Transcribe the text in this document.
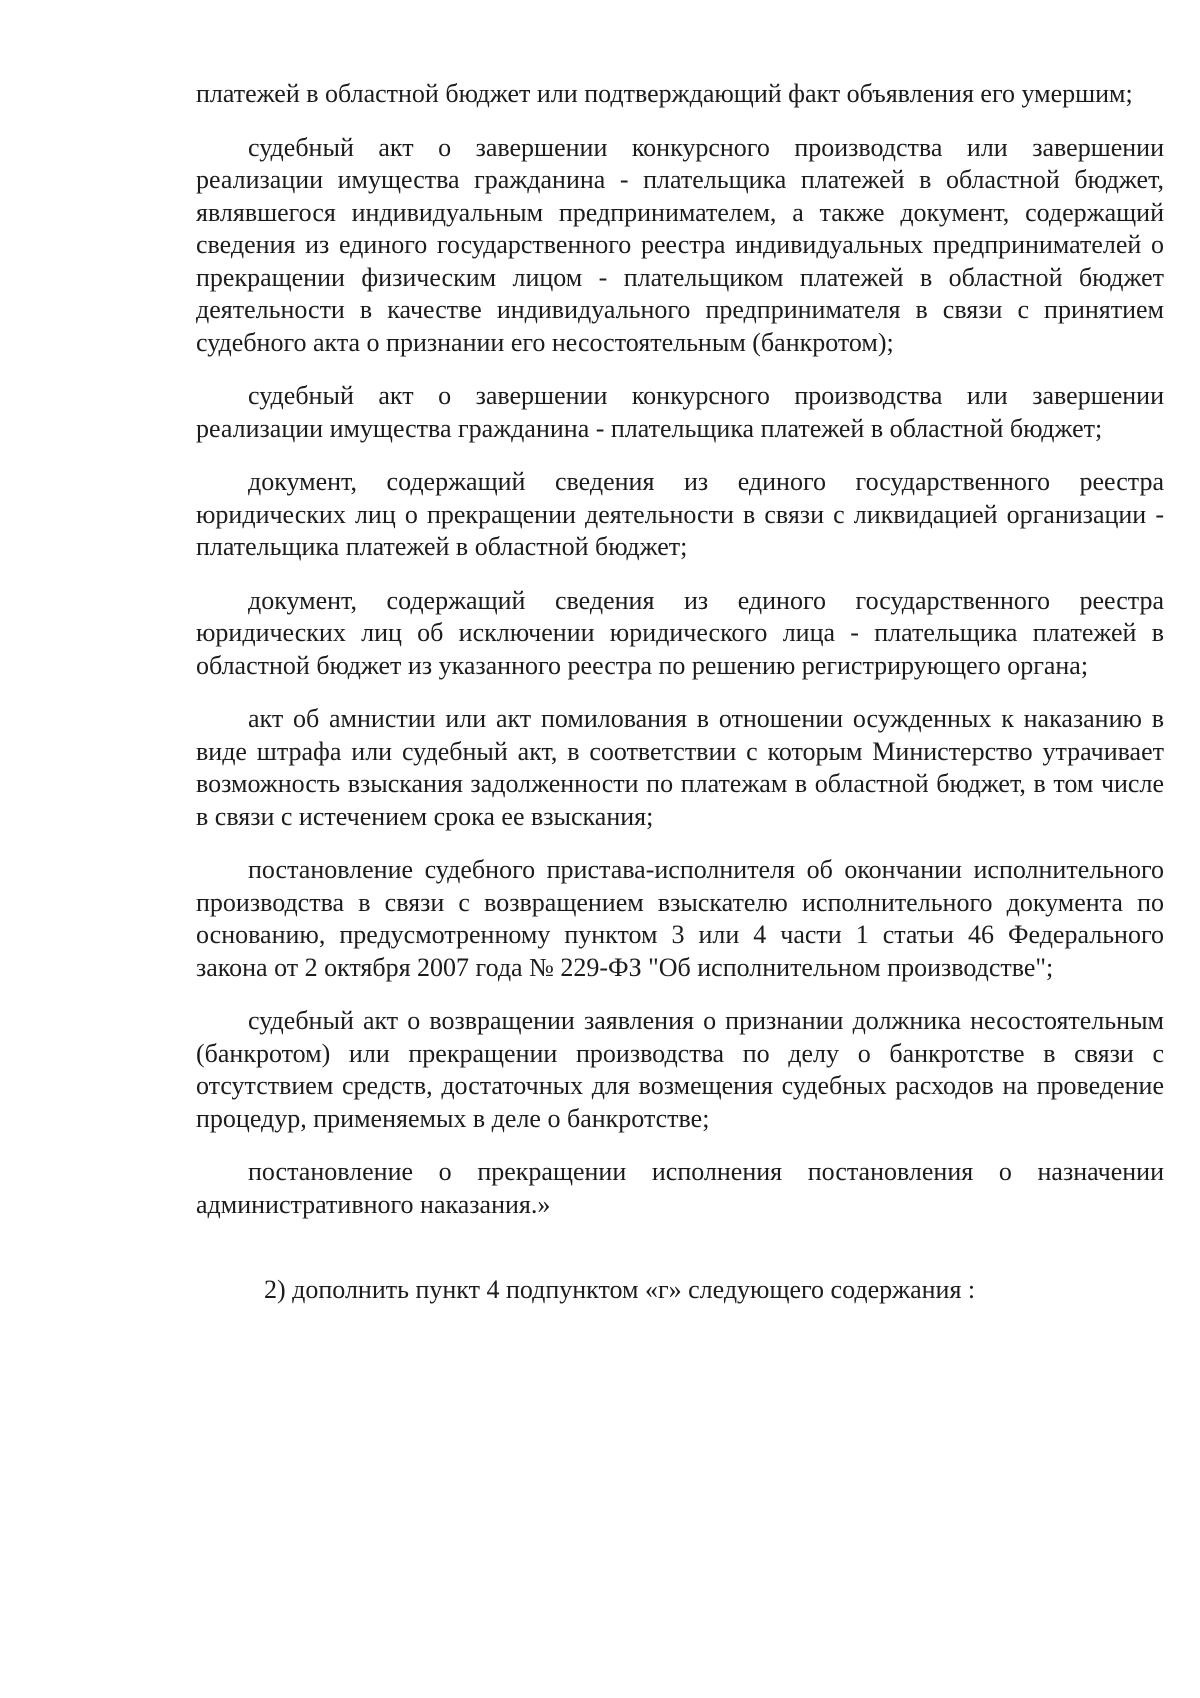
платежей в областной бюджет или подтверждающий факт объявления его умершим;

судебный акт о завершении конкурсного производства или завершении реализации имущества гражданина - плательщика платежей в областной бюджет, являвшегося индивидуальным предпринимателем, а также документ, содержащий сведения из единого государственного реестра индивидуальных предпринимателей о прекращении физическим лицом - плательщиком платежей в областной бюджет деятельности в качестве индивидуального предпринимателя в связи с принятием судебного акта о признании его несостоятельным (банкротом);

судебный акт о завершении конкурсного производства или завершении реализации имущества гражданина - плательщика платежей в областной бюджет;

документ, содержащий сведения из единого государственного реестра юридических лиц о прекращении деятельности в связи с ликвидацией организации - плательщика платежей в областной бюджет;

документ, содержащий сведения из единого государственного реестра юридических лиц об исключении юридического лица - плательщика платежей в областной бюджет из указанного реестра по решению регистрирующего органа;

акт об амнистии или акт помилования в отношении осужденных к наказанию в виде штрафа или судебный акт, в соответствии с которым Министерство утрачивает возможность взыскания задолженности по платежам в областной бюджет, в том числе в связи с истечением срока ее взыскания;

постановление судебного пристава-исполнителя об окончании исполнительного производства в связи с возвращением взыскателю исполнительного документа по основанию, предусмотренному пунктом 3 или 4 части 1 статьи 46 Федерального закона от 2 октября 2007 года № 229-ФЗ "Об исполнительном производстве";

судебный акт о возвращении заявления о признании должника несостоятельным (банкротом) или прекращении производства по делу о банкротстве в связи с отсутствием средств, достаточных для возмещения судебных расходов на проведение процедур, применяемых в деле о банкротстве;

постановление о прекращении исполнения постановления о назначении административного наказания.»

2) дополнить пункт 4 подпунктом «г» следующего содержания :
